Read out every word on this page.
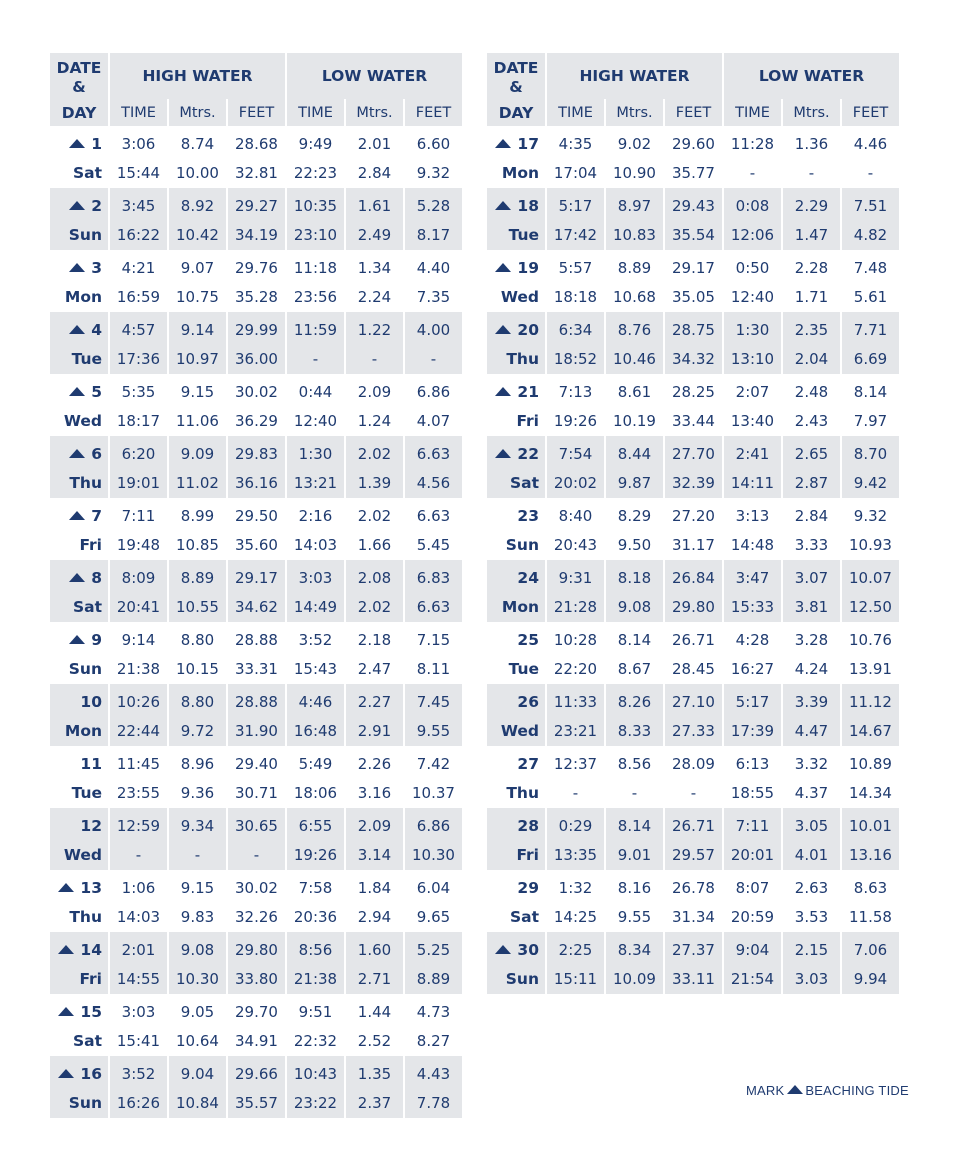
DATE
&	HIGH WATER			LOW WATER		
DAY	TIME	Mtrs.	FEET	TIME	Mtrs.	FEET
1	3:06	8.74	28.68	9:49	2.01	6.60
Sat	15:44	10.00	32.81	22:23	2.84	9.32
2	3:45	8.92	29.27	10:35	1.61	5.28
Sun	16:22	10.42	34.19	23:10	2.49	8.17
3	4:21	9.07	29.76	11:18	1.34	4.40
Mon	16:59	10.75	35.28	23:56	2.24	7.35
4	4:57	9.14	29.99	11:59	1.22	4.00
Tue	17:36	10.97	36.00	-	-	-
5	5:35	9.15	30.02	0:44	2.09	6.86
Wed	18:17	11.06	36.29	12:40	1.24	4.07
6	6:20	9.09	29.83	1:30	2.02	6.63
Thu	19:01	11.02	36.16	13:21	1.39	4.56
7	7:11	8.99	29.50	2:16	2.02	6.63
Fri	19:48	10.85	35.60	14:03	1.66	5.45
8	8:09	8.89	29.17	3:03	2.08	6.83
Sat	20:41	10.55	34.62	14:49	2.02	6.63
9	9:14	8.80	28.88	3:52	2.18	7.15
Sun	21:38	10.15	33.31	15:43	2.47	8.11
10	10:26	8.80	28.88	4:46	2.27	7.45
Mon	22:44	9.72	31.90	16:48	2.91	9.55
11	11:45	8.96	29.40	5:49	2.26	7.42
Tue	23:55	9.36	30.71	18:06	3.16	10.37
12	12:59	9.34	30.65	6:55	2.09	6.86
Wed	-	-	-	19:26	3.14	10.30
13	1:06	9.15	30.02	7:58	1.84	6.04
Thu	14:03	9.83	32.26	20:36	2.94	9.65
14	2:01	9.08	29.80	8:56	1.60	5.25
Fri	14:55	10.30	33.80	21:38	2.71	8.89
15	3:03	9.05	29.70	9:51	1.44	4.73
Sat	15:41	10.64	34.91	22:32	2.52	8.27
16	3:52	9.04	29.66	10:43	1.35	4.43
Sun	16:26	10.84	35.57	23:22	2.37	7.78
DATE
&	HIGH WATER			LOW WATER		
DAY	TIME	Mtrs.	FEET	TIME	Mtrs.	FEET
17	4:35	9.02	29.60	11:28	1.36	4.46
Mon	17:04	10.90	35.77	-	-	-
18	5:17	8.97	29.43	0:08	2.29	7.51
Tue	17:42	10.83	35.54	12:06	1.47	4.82
19	5:57	8.89	29.17	0:50	2.28	7.48
Wed	18:18	10.68	35.05	12:40	1.71	5.61
20	6:34	8.76	28.75	1:30	2.35	7.71
Thu	18:52	10.46	34.32	13:10	2.04	6.69
21	7:13	8.61	28.25	2:07	2.48	8.14
Fri	19:26	10.19	33.44	13:40	2.43	7.97
22	7:54	8.44	27.70	2:41	2.65	8.70
Sat	20:02	9.87	32.39	14:11	2.87	9.42
23	8:40	8.29	27.20	3:13	2.84	9.32
Sun	20:43	9.50	31.17	14:48	3.33	10.93
24	9:31	8.18	26.84	3:47	3.07	10.07
Mon	21:28	9.08	29.80	15:33	3.81	12.50
25	10:28	8.14	26.71	4:28	3.28	10.76
Tue	22:20	8.67	28.45	16:27	4.24	13.91
26	11:33	8.26	27.10	5:17	3.39	11.12
Wed	23:21	8.33	27.33	17:39	4.47	14.67
27	12:37	8.56	28.09	6:13	3.32	10.89
Thu	-	-	-	18:55	4.37	14.34
28	0:29	8.14	26.71	7:11	3.05	10.01
Fri	13:35	9.01	29.57	20:01	4.01	13.16
29	1:32	8.16	26.78	8:07	2.63	8.63
Sat	14:25	9.55	31.34	20:59	3.53	11.58
30	2:25	8.34	27.37	9:04	2.15	7.06
Sun	15:11	10.09	33.11	21:54	3.03	9.94
MARK BEACHING TIDE
